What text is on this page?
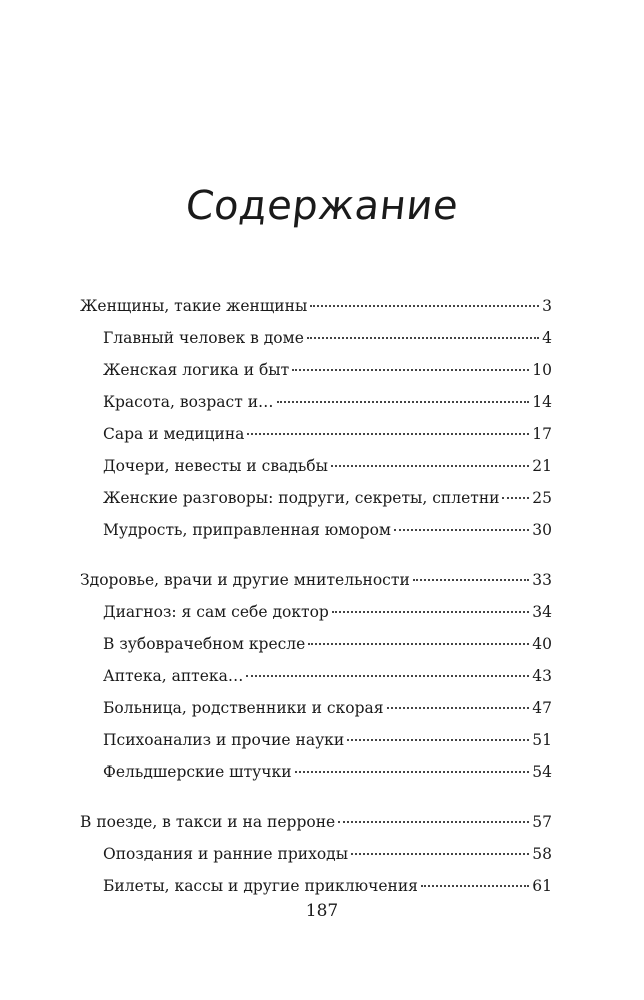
Содержание
Женщины, такие женщины	3
Главный человек в доме	4
Женская логика и быт	10
Красота, возраст и…	14
Сара и медицина	17
Дочери, невесты и свадьбы	21
Женские разговоры: подруги, секреты, сплетни 25
Мудрость, приправленная юмором	30
Здоровье, врачи и другие мнительности	33
Диагноз: я сам себе доктор	34
В зубоврачебном кресле	40
Аптека, аптека…	43
Больница, родственники и скорая	47
Психоанализ и прочие науки	51
Фельдшерские штучки	54
В поезде, в такси и на перроне	57
Опоздания и ранние приходы	58
Билеты, кассы и другие приключения	61
187
